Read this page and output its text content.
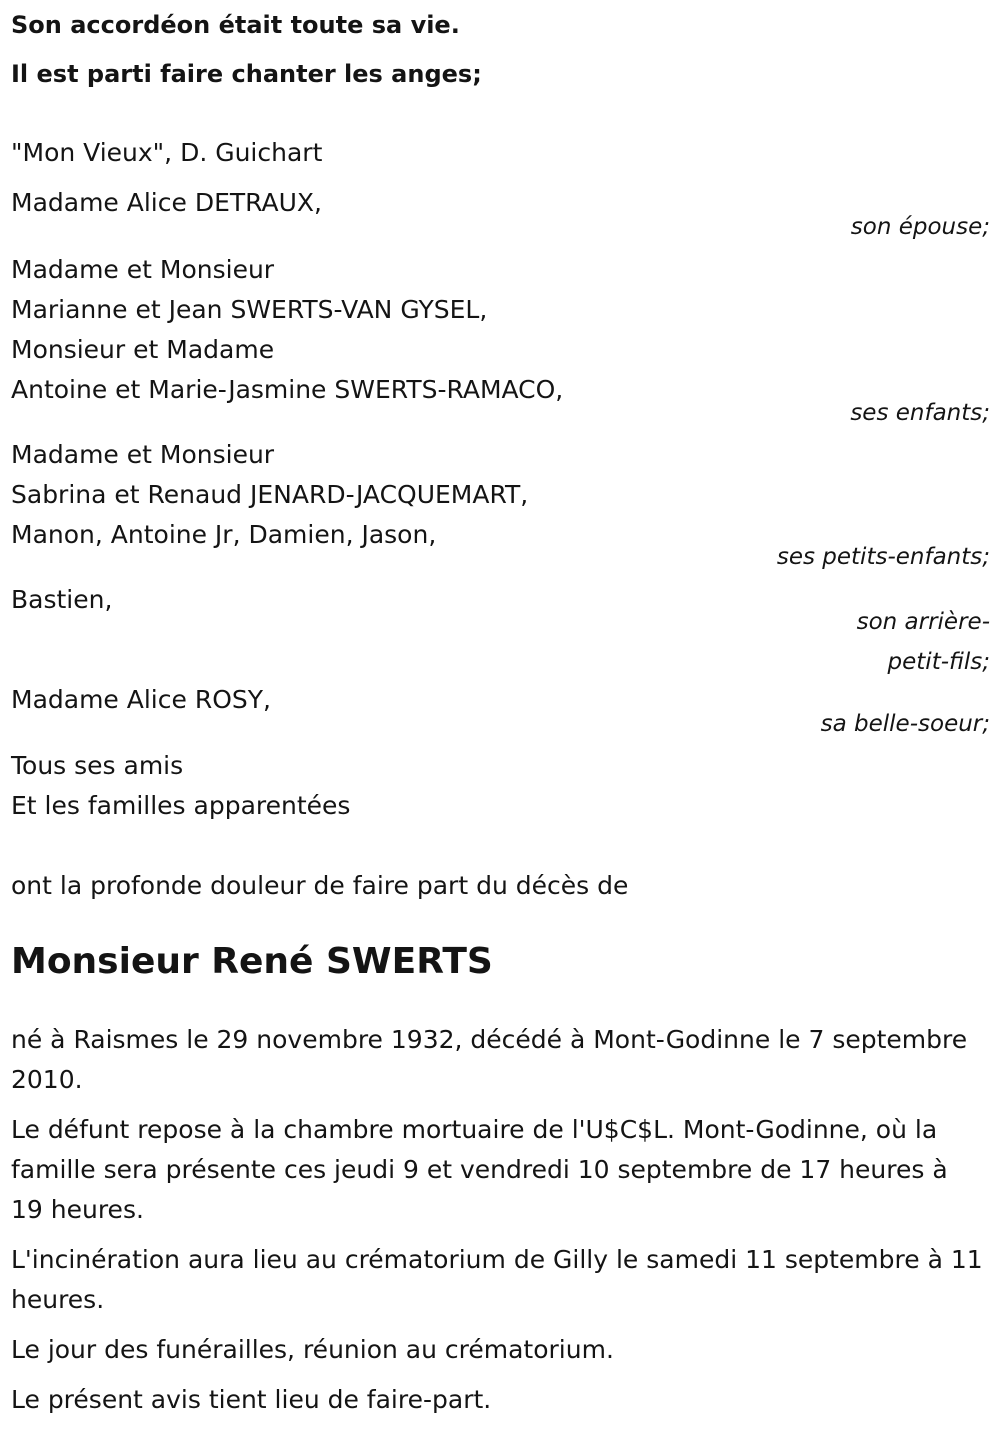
Son accordéon était toute sa vie.

Il est parti faire chanter les anges;

"Mon Vieux", D. Guichart

Madame Alice DETRAUX,

son épouse;

Madame et Monsieur

Marianne et Jean SWERTS-VAN GYSEL,

Monsieur et Madame

Antoine et Marie-Jasmine SWERTS-RAMACO,

ses enfants;

Madame et Monsieur

Sabrina et Renaud JENARD-JACQUEMART,

Manon, Antoine Jr, Damien, Jason,

ses petits-enfants;

Bastien,

son arrière-

petit-fils;

Madame Alice ROSY,

sa belle-soeur;

Tous ses amis

Et les familles apparentées

ont la profonde douleur de faire part du décès de

Monsieur René SWERTS

né à Raismes le 29 novembre 1932, décédé à Mont-Godinne le 7 septembre 2010.

Le défunt repose à la chambre mortuaire de l'U$C$L. Mont-Godinne, où la famille sera présente ces jeudi 9 et vendredi 10 septembre de 17 heures à 19 heures.

L'incinération aura lieu au crématorium de Gilly le samedi 11 septembre à 11 heures.

Le jour des funérailles, réunion au crématorium.

Le présent avis tient lieu de faire-part.
